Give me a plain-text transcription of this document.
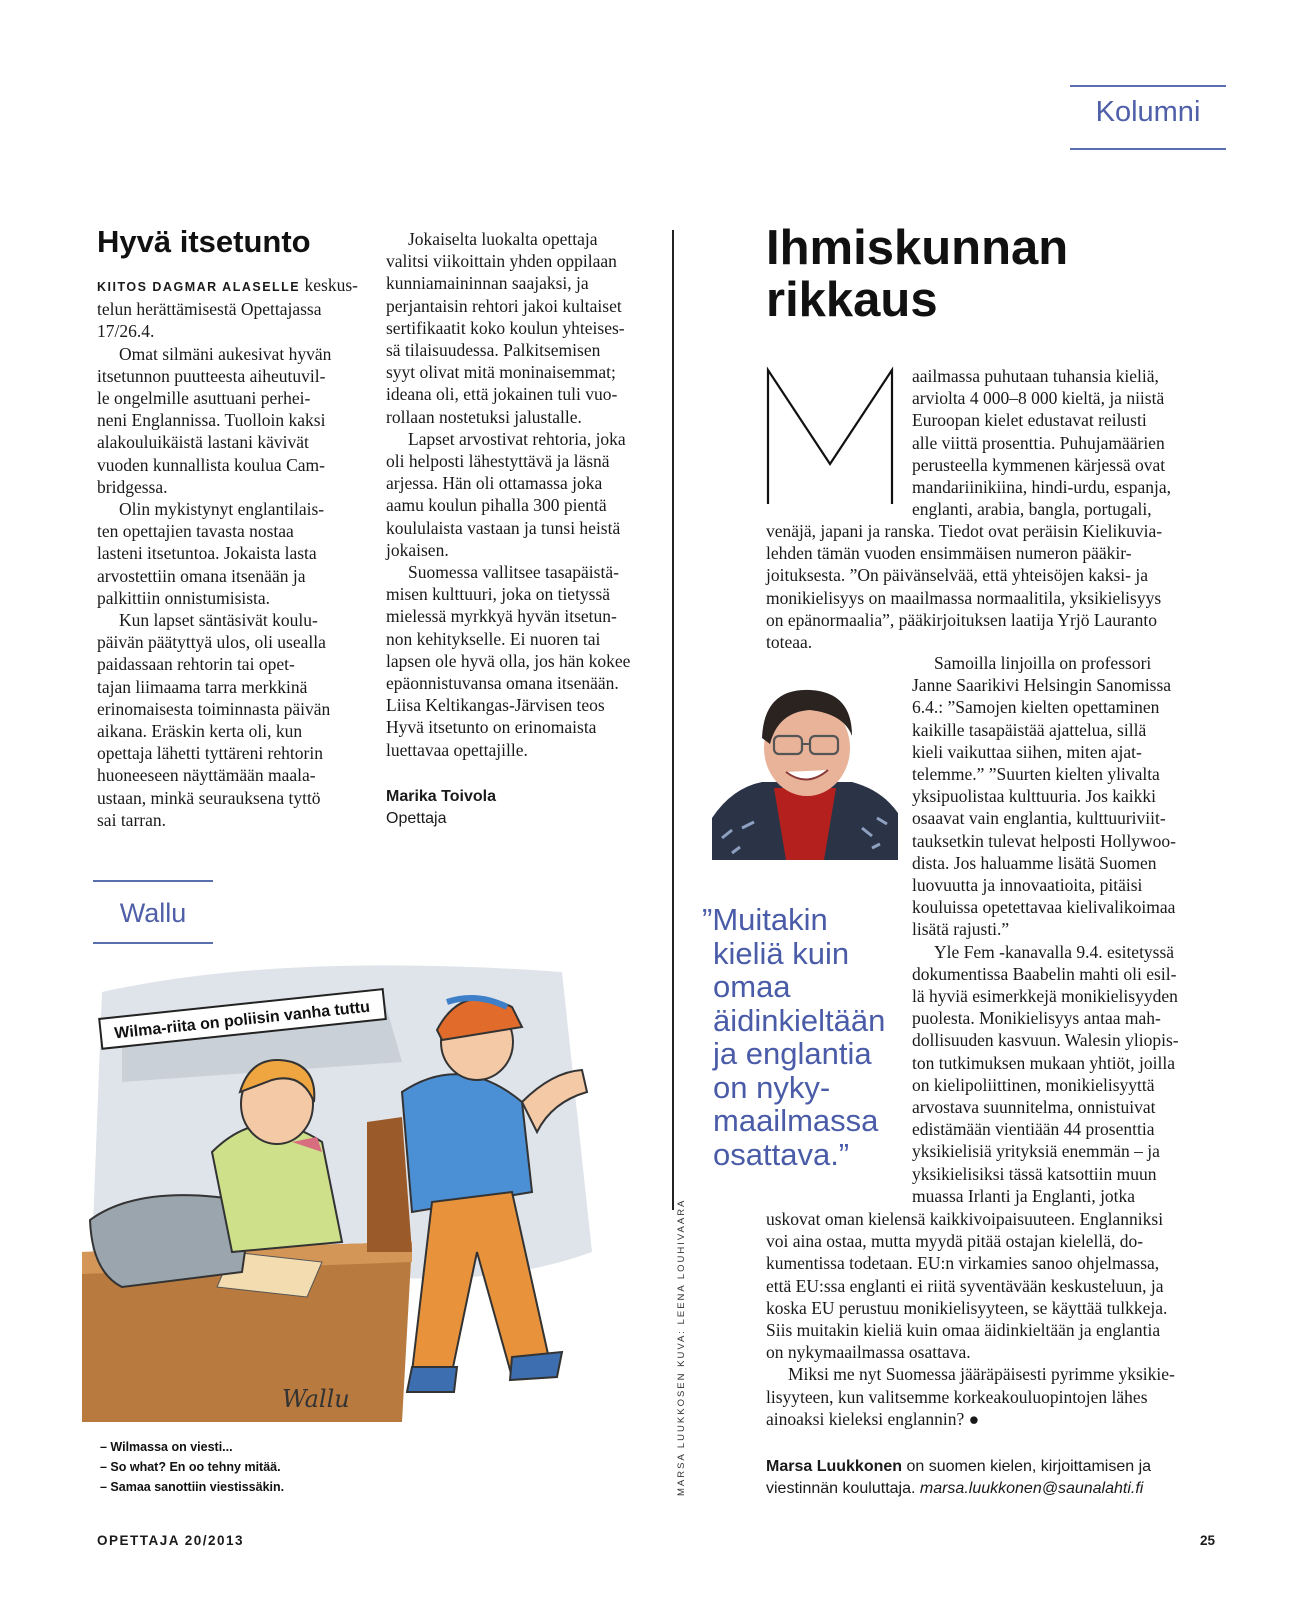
Kolumni
Hyvä itsetunto
KIITOS DAGMAR ALASELLE keskus-
telun herättämisestä Opettajassa
17/26.4.
Omat silmäni aukesivat hyvän
itsetunnon puutteesta aiheutuvil-
le ongelmille asuttuani perhei-
neni Englannissa. Tuolloin kaksi
alakouluikäistä lastani kävivät
vuoden kunnallista koulua Cam-
bridgessa.
Olin mykistynyt englantilais-
ten opettajien tavasta nostaa
lasteni itsetuntoa. Jokaista lasta
arvostettiin omana itsenään ja
palkittiin onnistumisista.
Kun lapset säntäsivät koulu-
päivän päätyttyä ulos, oli usealla
paidassaan rehtorin tai opet-
tajan liimaama tarra merkkinä
erinomaisesta toiminnasta päivän
aikana. Eräskin kerta oli, kun
opettaja lähetti tyttäreni rehtorin
huoneeseen näyttämään maala-
ustaan, minkä seurauksena tyttö
sai tarran.
Jokaiselta luokalta opettaja
valitsi viikoittain yhden oppilaan
kunniamaininnan saajaksi, ja
perjantaisin rehtori jakoi kultaiset
sertifikaatit koko koulun yhteises-
sä tilaisuudessa. Palkitsemisen
syyt olivat mitä moninaisemmat;
ideana oli, että jokainen tuli vuo-
rollaan nostetuksi jalustalle.
Lapset arvostivat rehtoria, joka
oli helposti lähestyttävä ja läsnä
arjessa. Hän oli ottamassa joka
aamu koulun pihalla 300 pientä
koululaista vastaan ja tunsi heistä
jokaisen.
Suomessa vallitsee tasapäistä-
misen kulttuuri, joka on tietyssä
mielessä myrkkyä hyvän itsetun-
non kehitykselle. Ei nuoren tai
lapsen ole hyvä olla, jos hän kokee
epäonnistuvansa omana itsenään.
Liisa Keltikangas-Järvisen teos
Hyvä itsetunto on erinomaista
luettavaa opettajille.
Marika Toivola
Opettaja
MARSA LUUKKOSEN KUVA: LEENA LOUHIVAARA
Ihmiskunnan
rikkaus
aailmassa puhutaan tuhansia kieliä,
arviolta 4 000–8 000 kieltä, ja niistä
Euroopan kielet edustavat reilusti
alle viittä prosenttia. Puhujamäärien
perusteella kymmenen kärjessä ovat
mandariinikiina, hindi-urdu, espanja,
englanti, arabia, bangla, portugali,
venäjä, japani ja ranska. Tiedot ovat peräisin Kielikuvia-
lehden tämän vuoden ensimmäisen numeron pääkir-
joituksesta. ”On päivänselvää, että yhteisöjen kaksi- ja
monikielisyys on maailmassa normaalitila, yksikielisyys
on epänormaalia”, pääkirjoituksen laatija Yrjö Lauranto
toteaa.
”Muitakin
kieliä kuin
omaa
äidinkieltään
ja englantia
on nyky-
maailmassa
osattava.”
Samoilla linjoilla on professori
Janne Saarikivi Helsingin Sanomissa
6.4.: ”Samojen kielten opettaminen
kaikille tasapäistää ajattelua, sillä
kieli vaikuttaa siihen, miten ajat-
telemme.” ”Suurten kielten ylivalta
yksipuolistaa kulttuuria. Jos kaikki
osaavat vain englantia, kulttuuriviit-
tauksetkin tulevat helposti Hollywoo-
dista. Jos haluamme lisätä Suomen
luovuutta ja innovaatioita, pitäisi
kouluissa opetettavaa kielivalikoimaa
lisätä rajusti.”
Yle Fem -kanavalla 9.4. esitetyssä
dokumentissa Baabelin mahti oli esil-
lä hyviä esimerkkejä monikielisyyden
puolesta. Monikielisyys antaa mah-
dollisuuden kasvuun. Walesin yliopis-
ton tutkimuksen mukaan yhtiöt, joilla
on kielipoliittinen, monikielisyyttä
arvostava suunnitelma, onnistuivat
edistämään vientiään 44 prosenttia
yksikielisiä yrityksiä enemmän – ja
yksikielisiksi tässä katsottiin muun
muassa Irlanti ja Englanti, jotka
uskovat oman kielensä kaikkivoipaisuuteen. Englanniksi
voi aina ostaa, mutta myydä pitää ostajan kielellä, do-
kumentissa todetaan. EU:n virkamies sanoo ohjelmassa,
että EU:ssa englanti ei riitä syventävään keskusteluun, ja
koska EU perustuu monikielisyyteen, se käyttää tulkkeja.
Siis muitakin kieliä kuin omaa äidinkieltään ja englantia
on nykymaailmassa osattava.
Miksi me nyt Suomessa jääräpäisesti pyrimme yksikie-
lisyyteen, kun valitsemme korkeakouluopintojen lähes
ainoaksi kieleksi englannin? ●
Marsa Luukkonen on suomen kielen, kirjoittamisen ja
viestinnän kouluttaja. marsa.luukkonen@saunalahti.fi
Wallu
Wilma-riita on poliisin vanha tuttu
Wallu
– Wilmassa on viesti...
– So what? En oo tehny mitää.
– Samaa sanottiin viestissäkin.
OPETTAJA 20/2013	25
